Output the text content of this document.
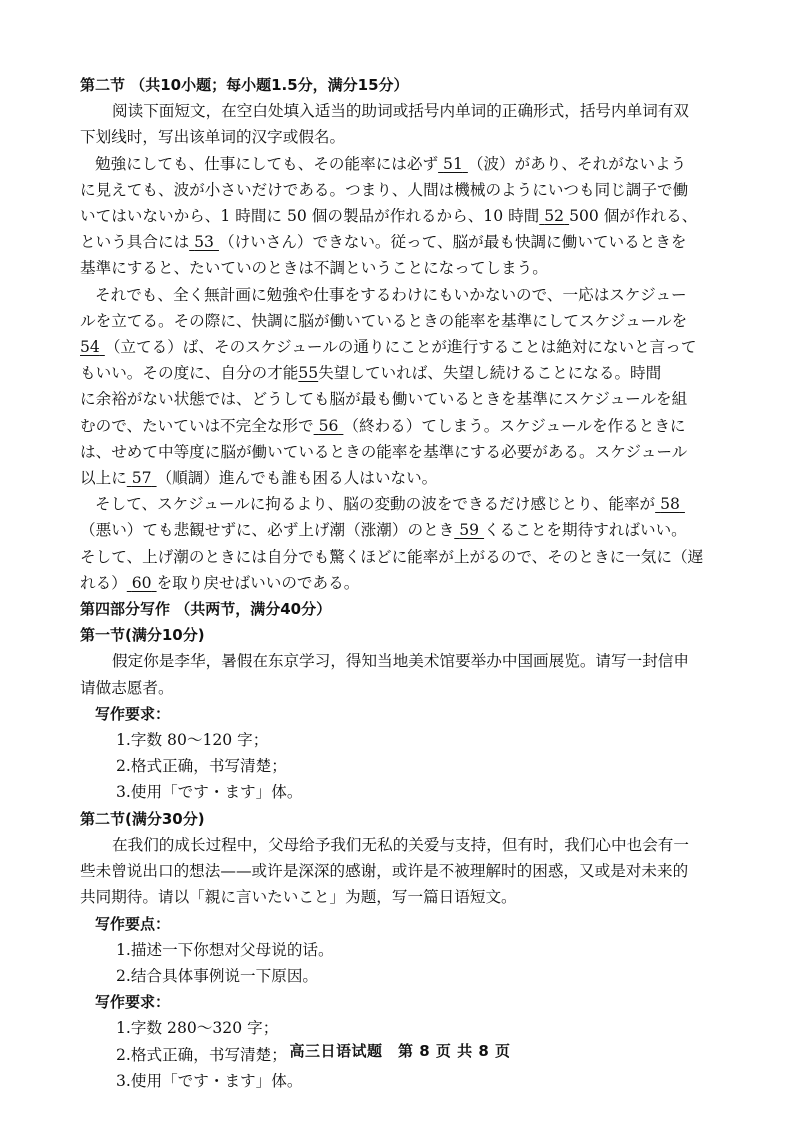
第二节 （共10小题；每小题1.5分，满分15分）
阅读下面短文，在空白处填入适当的助词或括号内单词的正确形式，括号内单词有双
下划线时，写出该单词的汉字或假名。
勉強にしても、仕事にしても、その能率には必ず 51 （波）があり、それがないよう
に見えても、波が小さいだけである。つまり、人間は機械のようにいつも同じ調子で働
いてはいないから、1 時間に 50 個の製品が作れるから、10 時間 52 500 個が作れる、
という具合には 53 （けいさん）できない。従って、脳が最も快調に働いているときを
基準にすると、たいていのときは不調ということになってしまう。
それでも、全く無計画に勉強や仕事をするわけにもいかないので、一応はスケジュー
ルを立てる。その際に、快調に脳が働いているときの能率を基準にしてスケジュールを
54 （立てる）ば、そのスケジュールの通りにことが進行することは絶対にないと言って
もいい。その度に、自分の才能55失望していれば、失望し続けることになる。時間
に余裕がない状態では、どうしても脳が最も働いているときを基準にスケジュールを組
むので、たいていは不完全な形で 56 （終わる）てしまう。スケジュールを作るときに
は、せめて中等度に脳が働いているときの能率を基準にする必要がある。スケジュール
以上に 57 （順調）進んでも誰も困る人はいない。
そして、スケジュールに拘るより、脳の変動の波をできるだけ感じとり、能率が 58
（悪い）ても悲観せずに、必ず上げ潮（涨潮）のとき 59 くることを期待すればいい。
そして、上げ潮のときには自分でも驚くほどに能率が上がるので、そのときに一気に（遅
れる） 60 を取り戻せばいいのである。
第四部分写作 （共两节，满分40分）
第一节(满分10分)
假定你是李华，暑假在东京学习，得知当地美术馆要举办中国画展览。请写一封信申
请做志愿者。
写作要求：
1.字数 80～120 字；
2.格式正确，书写清楚；
3.使用「です・ます」体。
第二节(满分30分)
在我们的成长过程中，父母给予我们无私的关爱与支持，但有时，我们心中也会有一
些未曾说出口的想法——或许是深深的感谢，或许是不被理解时的困惑，又或是对未来的
共同期待。请以「親に言いたいこと」为题，写一篇日语短文。
写作要点：
1.描述一下你想对父母说的话。
2.结合具体事例说一下原因。
写作要求：
1.字数 280～320 字；
2.格式正确，书写清楚；
3.使用「です・ます」体。
高三日语试题　第 8 页 共 8 页
